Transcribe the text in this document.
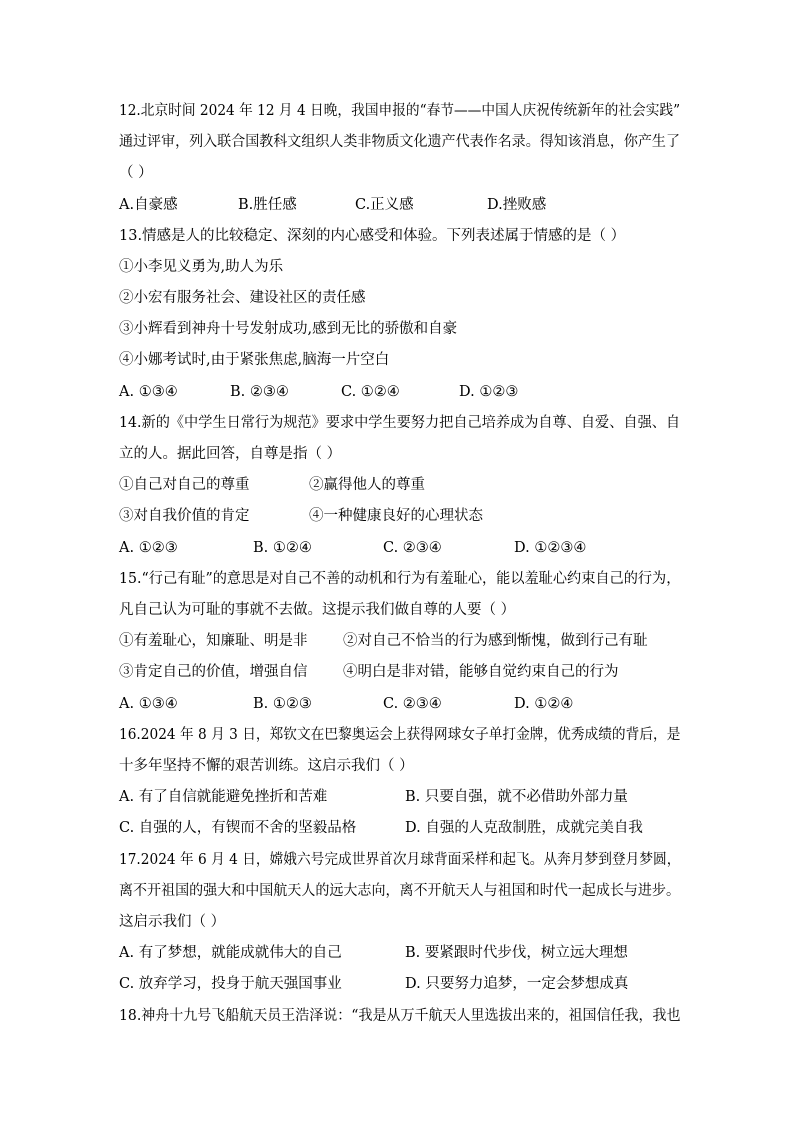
12.北京时间 2024 年 12 月 4 日晚，我国申报的“春节——中国人庆祝传统新年的社会实践”
通过评审，列入联合国教科文组织人类非物质文化遗产代表作名录。得知该消息，你产生了
（ ）
A.自豪感	B.胜任感	C.正义感	D.挫败感
13.情感是人的比较稳定、深刻的内心感受和体验。下列表述属于情感的是（ ）
①小李见义勇为,助人为乐
②小宏有服务社会、建设社区的责任感
③小辉看到神舟十号发射成功,感到无比的骄傲和自豪
④小娜考试时,由于紧张焦虑,脑海一片空白
A. ①③④	B. ②③④	C. ①②④	D. ①②③
14.新的《中学生日常行为规范》要求中学生要努力把自己培养成为自尊、自爱、自强、自
立的人。据此回答，自尊是指（ ）
①自己对自己的尊重	②赢得他人的尊重
③对自我价值的肯定	④一种健康良好的心理状态
A. ①②③	B. ①②④	C. ②③④	D. ①②③④
15.“行己有耻”的意思是对自己不善的动机和行为有羞耻心，能以羞耻心约束自己的行为，
凡自己认为可耻的事就不去做。这提示我们做自尊的人要（ ）
①有羞耻心，知廉耻、明是非 ②对自己不恰当的行为感到惭愧，做到行己有耻
③肯定自己的价值，增强自信 ④明白是非对错，能够自觉约束自己的行为
A. ①③④	B. ①②③	C. ②③④	D. ①②④
16.2024 年 8 月 3 日，郑钦文在巴黎奥运会上获得网球女子单打金牌，优秀成绩的背后，是
十多年坚持不懈的艰苦训练。这启示我们（ ）
A. 有了自信就能避免挫折和苦难	B. 只要自强，就不必借助外部力量
C. 自强的人，有锲而不舍的坚毅品格	D. 自强的人克敌制胜，成就完美自我
17.2024 年 6 月 4 日，嫦娥六号完成世界首次月球背面采样和起飞。从奔月梦到登月梦圆，
离不开祖国的强大和中国航天人的远大志向，离不开航天人与祖国和时代一起成长与进步。
这启示我们（ ）
A. 有了梦想，就能成就伟大的自己	B. 要紧跟时代步伐，树立远大理想
C. 放弃学习，投身于航天强国事业	D. 只要努力追梦，一定会梦想成真
18.神舟十九号飞船航天员王浩泽说：“我是从万千航天人里选拔出来的，祖国信任我，我也
